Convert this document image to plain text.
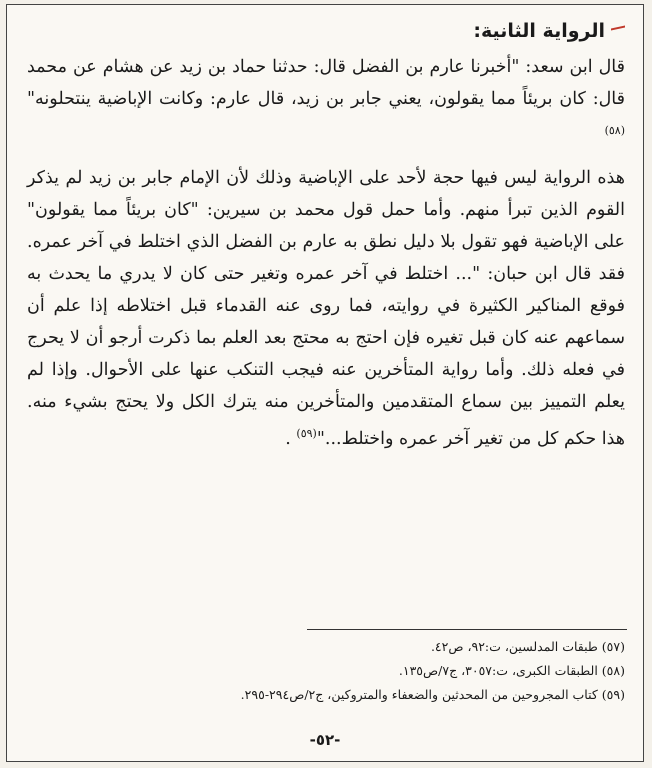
الرواية الثانية:

قال ابن سعد: "أخبرنا عارم بن الفضل قال: حدثنا حماد بن زيد عن هشام عن محمد قال: كان بريئاً مما يقولون، يعني جابر بن زيد، قال عارم: وكانت الإباضية ينتحلونه"$^{(٥٨)}$

هذه الرواية ليس فيها حجة لأحد على الإباضية وذلك لأن الإمام جابر بن زيد لم يذكر القوم الذين تبرأ منهم. وأما حمل قول محمد بن سيرين: "كان بريئاً مما يقولون" على الإباضية فهو تقول بلا دليل نطق به عارم بن الفضل الذي اختلط في آخر عمره. فقد قال ابن حبان: "... اختلط في آخر عمره وتغير حتى كان لا يدري ما يحدث به فوقع المناكير الكثيرة في روايته، فما روى عنه القدماء قبل اختلاطه إذا علم أن سماعهم عنه كان قبل تغيره فإن احتج به محتج بعد العلم بما ذكرت أرجو أن لا يحرج في فعله ذلك. وأما رواية المتأخرين عنه فيجب التنكب عنها على الأحوال. وإذا لم يعلم التمييز بين سماع المتقدمين والمتأخرين منه يترك الكل ولا يحتج بشيء منه. هذا حكم كل من تغير آخر عمره واختلط..."$^{(٥٩)}$ .

(٥٧) طبقات المدلسين، ت:٩٢، ص٤٢.
(٥٨) الطبقات الكبرى، ت:٣٠٥٧، ج٧/ص١٣٥.
(٥٩) كتاب المجروحين من المحدثين والضعفاء والمتروكين، ج٢/ص٢٩٤-٢٩٥.
-٥٢-
